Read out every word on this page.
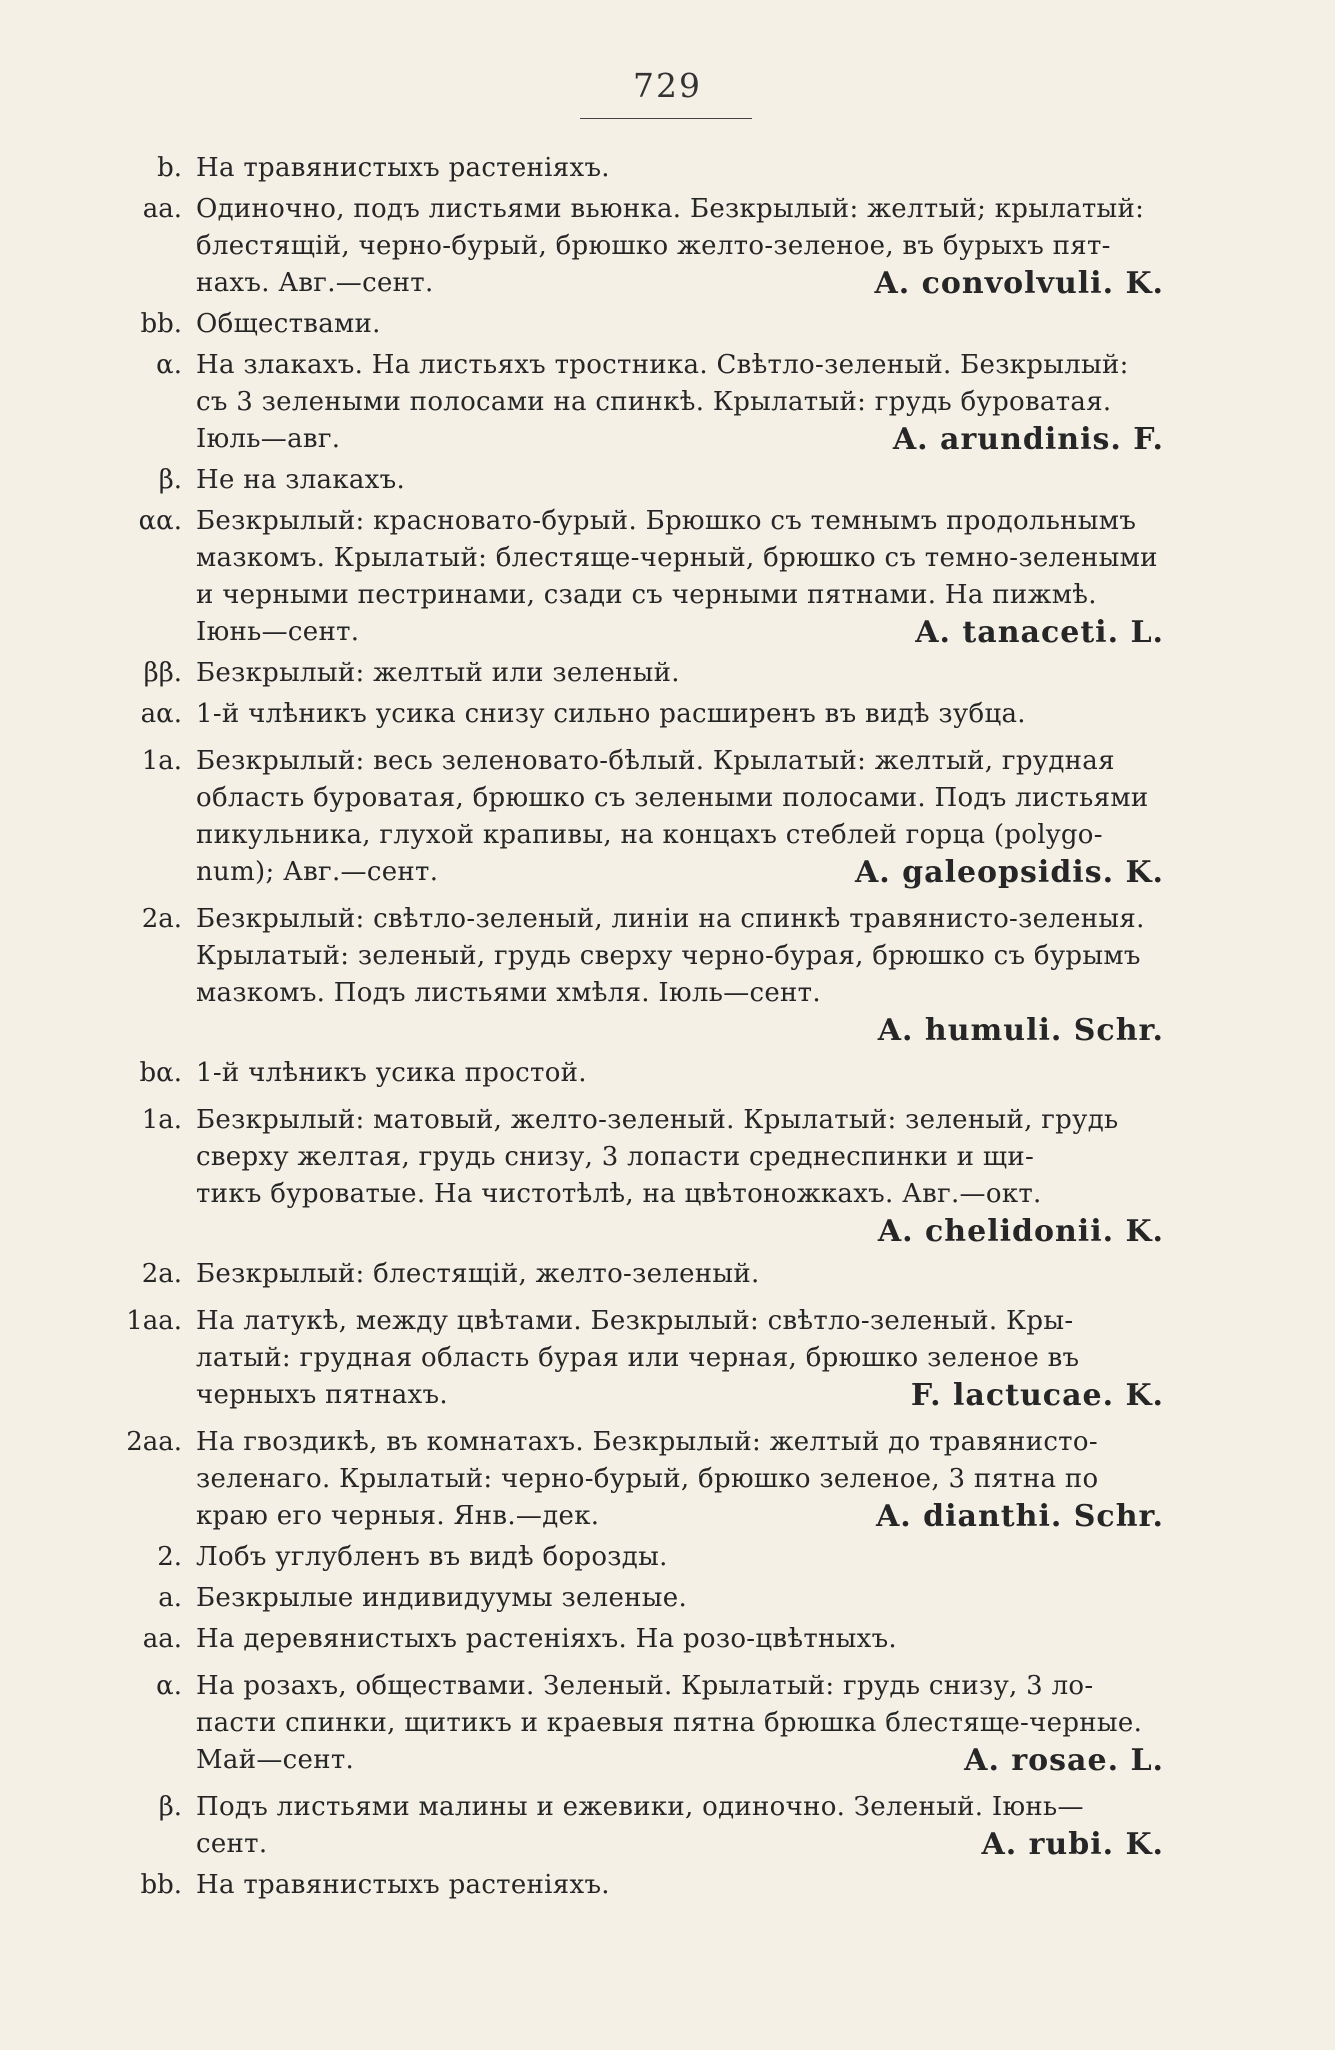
729
b. На травянистыхъ растеніяхъ.
aa. Одиночно, подъ листьями вьюнка. Безкрылый: желтый; крылатый:
блестящій, черно-бурый, брюшко желто-зеленое, въ бурыхъ пят-
A. convolvuli. K.
нахъ. Авг.—сент.
bb. Обществами.
α. На злакахъ. На листьяхъ тростника. Свѣтло-зеленый. Безкрылый:
съ 3 зелеными полосами на спинкѣ. Крылатый: грудь буроватая.
A. arundinis. F.
Іюль—авг.
β. Не на злакахъ.
αα. Безкрылый: красновато-бурый. Брюшко съ темнымъ продольнымъ
мазкомъ. Крылатый: блестяще-черный, брюшко съ темно-зелеными
и черными пестринами, сзади съ черными пятнами. На пижмѣ.
A. tanaceti. L.
Іюнь—сент.
ββ. Безкрылый: желтый или зеленый.
aα. 1-й члѣникъ усика снизу сильно расширенъ въ видѣ зубца.
1a. Безкрылый: весь зеленовато-бѣлый. Крылатый: желтый, грудная
область буроватая, брюшко съ зелеными полосами. Подъ листьями
пикульника, глухой крапивы, на концахъ стеблей горца (polygo-
A. galeopsidis. K.
num); Авг.—сент.
2a. Безкрылый: свѣтло-зеленый, линіи на спинкѣ травянисто-зеленыя.
Крылатый: зеленый, грудь сверху черно-бурая, брюшко съ бурымъ
мазкомъ. Подъ листьями хмѣля. Іюль—сент.
A. humuli. Schr.
bα. 1-й члѣникъ усика простой.
1a. Безкрылый: матовый, желто-зеленый. Крылатый: зеленый, грудь
сверху желтая, грудь снизу, 3 лопасти среднеспинки и щи-
тикъ буроватые. На чистотѣлѣ, на цвѣтоножкахъ. Авг.—окт.
A. chelidonii. K.
2a. Безкрылый: блестящій, желто-зеленый.
1aa. На латукѣ, между цвѣтами. Безкрылый: свѣтло-зеленый. Кры-
латый: грудная область бурая или черная, брюшко зеленое въ
F. lactucae. K.
черныхъ пятнахъ.
2aa. На гвоздикѣ, въ комнатахъ. Безкрылый: желтый до травянисто-
зеленаго. Крылатый: черно-бурый, брюшко зеленое, 3 пятна по
A. dianthi. Schr.
краю его черныя. Янв.—дек.
2. Лобъ углубленъ въ видѣ борозды.
a. Безкрылые индивидуумы зеленые.
aa. На деревянистыхъ растеніяхъ. На розо-цвѣтныхъ.
α. На розахъ, обществами. Зеленый. Крылатый: грудь снизу, 3 ло-
пасти спинки, щитикъ и краевыя пятна брюшка блестяще-черные.
A. rosae. L.
Май—сент.
β. Подъ листьями малины и ежевики, одиночно. Зеленый. Іюнь—
A. rubi. K.
сент.
bb. На травянистыхъ растеніяхъ.
